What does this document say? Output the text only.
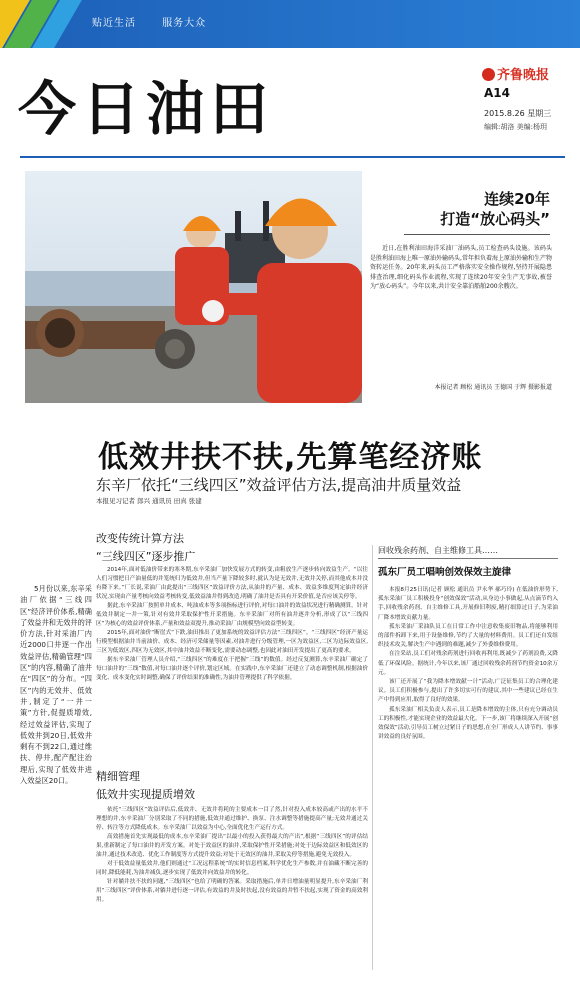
贴近生活	服务大众
今日油田	齐鲁晚报
A14
2015.8.26 星期三
编辑:胡洛 美编:杨玥
连续20年
打造“放心码头”
近日,在胜利油田海洋采油厂油码头,员工检查码头设施。该码头是胜利油田海上唯一原油外输码头,常年担负着海上原油外输和生产物资转运任务。20年来,码头员工严格落实安全操作规程,坚持开展隐患排查治理,细化码头作业流程,实现了连续20年安全生产无事故,被誉为“放心码头”。今年以来,共计安全靠泊船舶200余艘次。
本报记者 顾松 通讯员 王德国 于辉 摄影报道
低效井扶不扶,先算笔经济账
东辛厂依托“三线四区”效益评估方法,提高油井质量效益
本报见习记者 郎兴 通讯员 田真 张建
5月份以来,东辛采油厂依据“三线四区”经济评价体系,精确了效益井和无效井的评价方法,针对采油厂内近2000口井逐一作出效益评估,精确管理“四区”的内容,精确了油井在“四区”的分布。“四区”内的无效井、低效井,制定了“一井一策”方针,促提质增效,经过效益评估,实现了低效井到20日,低效井剩有不到22口,通过维扶、停井,配产配注治理后,实现了低效井进入效益区20口。
改变传统计算方法
“三线四区”逐步推广

2014年,面对低油价带来的寒冬期,东辛采油厂加快发展方式的转变,由粗放生产逐步转向效益生产。“以往人们习惯把日产油量低的井笼统归为低效井,但当产量下降较多时,就认为是无效井,无效井关停,而其他成本并没有降下来。”厂长说,采油厂由此提出“三线四区”效益评价方法,从油井的产量、成本、效益多维度判定油井经济状况,实现由产量考核向效益考核转变,低效益油井得到改造,明确了油井是否具有开采价值,是否应该关停等。

据此,东辛采油厂按照单井成本、吨油成本等多项指标进行评价,对每口油井的效益状况进行精确测算。针对低效井制定一井一策,针对有效井采取保护性开采措施。东辛采油厂对所有油井逐井分析,形成了以“三线四区”为核心的效益评价体系,产量和效益双提升,推动采油厂由规模型向效益型转变。

2015年,面对油价“断崖式”下跌,油田推出了更加系统的效益评估方法“三线四区”。“三线四区”经济产量运行模型根据油井当前油价、成本、经济可采储量等因素,对油井进行分级管理,一区为效益区,二区为边际效益区,三区为低效区,四区为无效区,其中油井效益不断变化,需要动态调整,也因此对油田开发提出了更高的要求。

据东辛采油厂管理人员介绍,“三线四区”的难度在于把握“三线”的数值。经过反复测算,东辛采油厂确定了每口油井的“三线”数值,对每口油井逐个评价,划定区域。在实践中,东辛采油厂还建立了动态调整机制,根据油价变化、成本变化实时调整,确保了评价结果的准确性,为油井管理提供了科学依据。

精细管理
低效井实现提质增效

依托“三线四区”效益评估后,低效井、无效井将耗的主要成本一目了然,针对投入成本较高或产出的水平不理想的井,东辛采油厂分别采取了不同的措施,低效井通过维护、换泵、注水调整等措施提高产量;无效井通过关停、转注等方式降低成本。东辛采油厂以效益为中心,全面优化生产运行方式。

高效措施首先实现最低的成本,东辛采油厂提出“以最小的投入获得最大的产出”,根据“三线四区”的评估结果,重新制定了每口油井的开发方案。对处于效益区的油井,采取保护性开采措施;对处于边际效益区和低效区的油井,通过技术改造、优化工作制度等方式提升效益;对处于无效区的油井,采取关停等措施,避免无效投入。

对于低效益量低效井,他们则通过“工况远程系统”的实时信息档案,科学优化生产参数,并在油藏不断完善的同时,降低能耗,为油井减负,逐步实现了低效井向效益井的转化。

针对躺井扶不扶的问题,“三线四区”也给了明确的答案。采取措施后,单井日增油量明显提升,东辛采油厂利用“三线四区”评价体系,对躺井进行逐一评估,有效益的井及时扶起,没有效益的井暂不扶起,实现了资金的高效利用。

回收残余药剂、自主维修工具……
孤东厂员工唱响创效保效主旋律

本报8月25日讯(记者 顾松 通讯员 尹永华 郝巧玲) 在低油价形势下,孤东采油厂员工积极投身“创效保效”活动,从身边小事做起,从点滴节约入手,回收残余药剂、自主维修工具,开展修旧利废,精打细算过日子,为采油厂降本增效贡献力量。

孤东采油厂采油队员工在日常工作中注意收集废旧物品,将能够利用的部件拆卸下来,用于设备维修,节约了大量的材料费用。员工们还自发组织技术攻关,解决生产中遇到的难题,减少了外委维修费用。

在注采站,员工们对残余药剂进行回收再利用,既减少了药剂浪费,又降低了环保风险。据统计,今年以来,该厂通过回收残余药剂节约资金10余万元。

该厂还开展了“我为降本增效献一计”活动,广泛征集员工的合理化建议。员工们积极参与,提出了许多切实可行的建议,其中一些建议已经在生产中得到应用,取得了良好的效果。

孤东采油厂相关负责人表示,员工是降本增效的主体,只有充分调动员工的积极性,才能实现企业的效益最大化。下一步,该厂将继续深入开展“创效保效”活动,引导员工树立过紧日子的思想,在全厂形成人人讲节约、事事讲效益的良好氛围。
